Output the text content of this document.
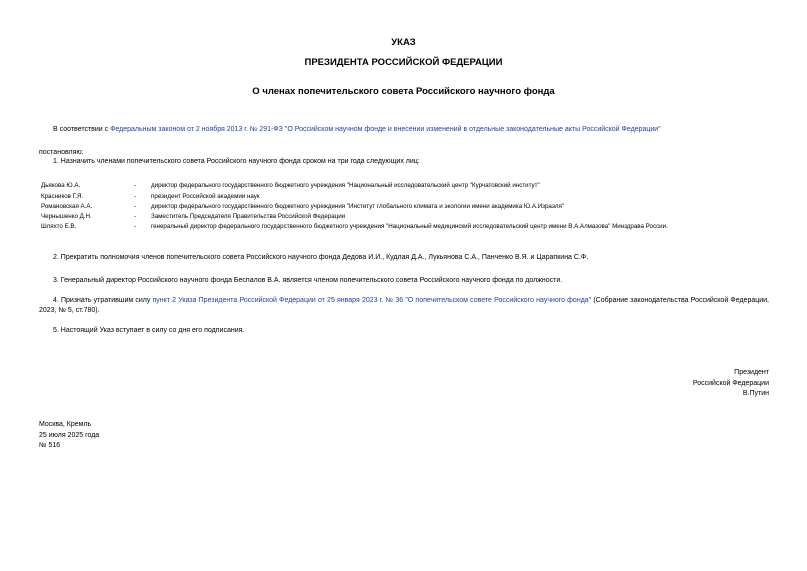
УКАЗ
ПРЕЗИДЕНТА РОССИЙСКОЙ ФЕДЕРАЦИИ
О членах попечительского совета Российского научного фонда
В соответствии с Федеральным законом от 2 ноября 2013 г. № 291-ФЗ "О Российском научном фонде и внесении изменений в отдельные законодательные акты Российской Федерации"
постановляю:
1. Назначить членами попечительского совета Российского научного фонда сроком на три года следующих лиц:
Дьякова Ю.А.	- директор федерального государственного бюджетного учреждения "Национальный исследовательский центр "Курчатовский институт"
Красников Г.Я.	- президент Российской академии наук
Романовская А.А.	- директор федерального государственного бюджетного учреждения "Институт глобального климата и экологии имени академика Ю.А.Израэля"
Чернышенко Д.Н.	- Заместитель Председателя Правительства Российской Федерации
Шляхто Е.В.	- генеральный директор федерального государственного бюджетного учреждения "Национальный медицинский исследовательский центр имени В.А.Алмазова" Минздрава России.
2. Прекратить полномочия членов попечительского совета Российского научного фонда Дедова И.И., Кудлая Д.А., Лукьянова С.А., Панченко В.Я. и Царапкина С.Ф.
3. Генеральный директор Российского научного фонда Беспалов В.А. является членом попечительского совета Российского научного фонда по должности.
4. Признать утратившим силу пункт 2 Указа Президента Российской Федерации от 25 января 2023 г. № 36 "О попечительском совете Российского научного фонда" (Собрание законодательства Российской Федерации, 2023, № 5, ст.780).
5. Настоящий Указ вступает в силу со дня его подписания.
Президент
Российской Федерации
В.Путин
Москва, Кремль
25 июля 2025 года
№ 516
